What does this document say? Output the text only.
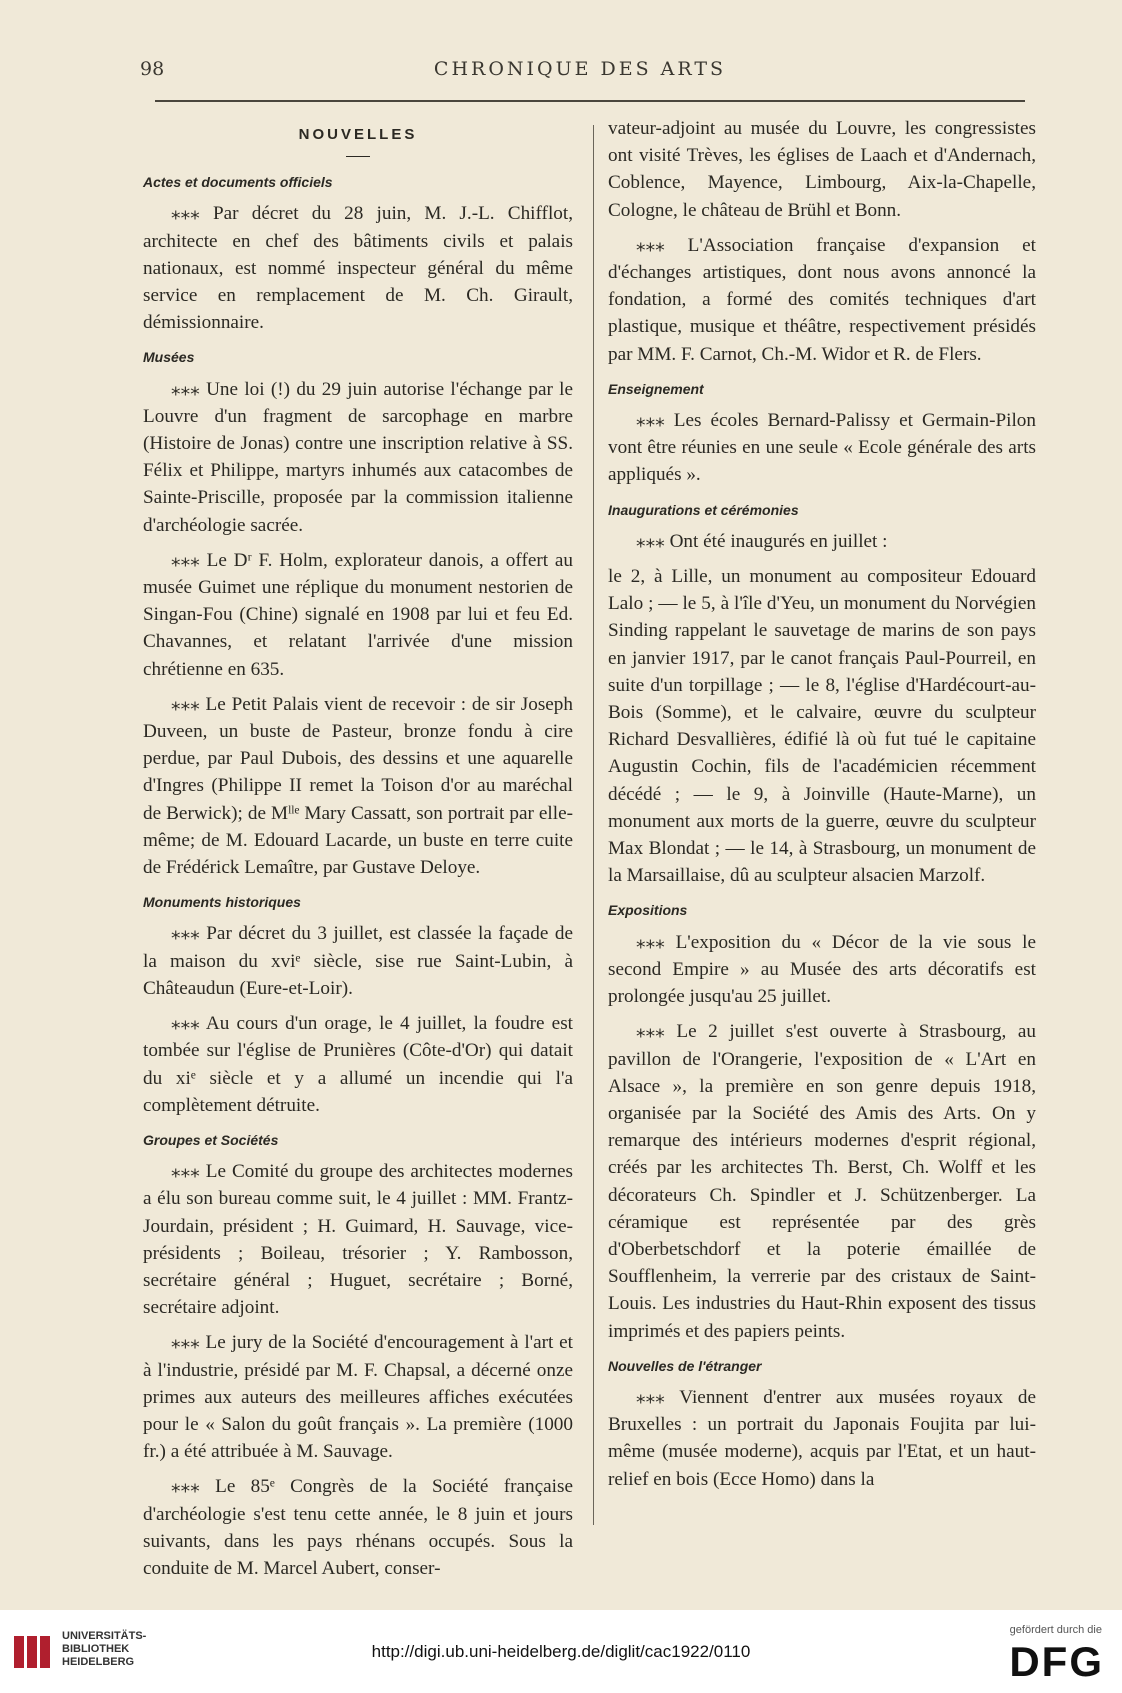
98	CHRONIQUE DES ARTS
NOUVELLES
Actes et documents officiels

⁎⁎⁎ Par décret du 28 juin, M. J.-L. Chifflot, architecte en chef des bâtiments civils et palais nationaux, est nommé inspecteur général du même service en remplacement de M. Ch. Girault, démissionnaire.

Musées

⁎⁎⁎ Une loi (!) du 29 juin autorise l'échange par le Louvre d'un fragment de sarcophage en marbre (Histoire de Jonas) contre une inscription relative à SS. Félix et Philippe, martyrs inhumés aux catacombes de Sainte-Priscille, proposée par la commission italienne d'archéologie sacrée.

⁎⁎⁎ Le Dʳ F. Holm, explorateur danois, a offert au musée Guimet une réplique du monument nestorien de Singan-Fou (Chine) signalé en 1908 par lui et feu Ed. Chavannes, et relatant l'arrivée d'une mission chrétienne en 635.

⁎⁎⁎ Le Petit Palais vient de recevoir : de sir Joseph Duveen, un buste de Pasteur, bronze fondu à cire perdue, par Paul Dubois, des dessins et une aquarelle d'Ingres (Philippe II remet la Toison d'or au maréchal de Berwick); de Mˡˡᵉ Mary Cassatt, son portrait par elle-même; de M. Edouard Lacarde, un buste en terre cuite de Frédérick Lemaître, par Gustave Deloye.

Monuments historiques

⁎⁎⁎ Par décret du 3 juillet, est classée la façade de la maison du xviᵉ siècle, sise rue Saint-Lubin, à Châteaudun (Eure-et-Loir).

⁎⁎⁎ Au cours d'un orage, le 4 juillet, la foudre est tombée sur l'église de Prunières (Côte-d'Or) qui datait du xiᵉ siècle et y a allumé un incendie qui l'a complètement détruite.

Groupes et Sociétés

⁎⁎⁎ Le Comité du groupe des architectes modernes a élu son bureau comme suit, le 4 juillet : MM. Frantz-Jourdain, président ; H. Guimard, H. Sauvage, vice-présidents ; Boileau, trésorier ; Y. Rambosson, secrétaire général ; Huguet, secrétaire ; Borné, secrétaire adjoint.

⁎⁎⁎ Le jury de la Société d'encouragement à l'art et à l'industrie, présidé par M. F. Chapsal, a décerné onze primes aux auteurs des meilleures affiches exécutées pour le « Salon du goût français ». La première (1000 fr.) a été attribuée à M. Sauvage.

⁎⁎⁎ Le 85ᵉ Congrès de la Société française d'archéologie s'est tenu cette année, le 8 juin et jours suivants, dans les pays rhénans occupés. Sous la conduite de M. Marcel Aubert, conser-

vateur-adjoint au musée du Louvre, les congressistes ont visité Trèves, les églises de Laach et d'Andernach, Coblence, Mayence, Limbourg, Aix-la-Chapelle, Cologne, le château de Brühl et Bonn.

⁎⁎⁎ L'Association française d'expansion et d'échanges artistiques, dont nous avons annoncé la fondation, a formé des comités techniques d'art plastique, musique et théâtre, respectivement présidés par MM. F. Carnot, Ch.-M. Widor et R. de Flers.

Enseignement

⁎⁎⁎ Les écoles Bernard-Palissy et Germain-Pilon vont être réunies en une seule « Ecole générale des arts appliqués ».

Inaugurations et cérémonies

⁎⁎⁎ Ont été inaugurés en juillet :

le 2, à Lille, un monument au compositeur Edouard Lalo ; — le 5, à l'île d'Yeu, un monument du Norvégien Sinding rappelant le sauvetage de marins de son pays en janvier 1917, par le canot français Paul-Pourreil, en suite d'un torpillage ; — le 8, l'église d'Hardécourt-au-Bois (Somme), et le calvaire, œuvre du sculpteur Richard Desvallières, édifié là où fut tué le capitaine Augustin Cochin, fils de l'académicien récemment décédé ; — le 9, à Joinville (Haute-Marne), un monument aux morts de la guerre, œuvre du sculpteur Max Blondat ; — le 14, à Strasbourg, un monument de la Marsaillaise, dû au sculpteur alsacien Marzolf.

Expositions

⁎⁎⁎ L'exposition du « Décor de la vie sous le second Empire » au Musée des arts décoratifs est prolongée jusqu'au 25 juillet.

⁎⁎⁎ Le 2 juillet s'est ouverte à Strasbourg, au pavillon de l'Orangerie, l'exposition de « L'Art en Alsace », la première en son genre depuis 1918, organisée par la Société des Amis des Arts. On y remarque des intérieurs modernes d'esprit régional, créés par les architectes Th. Berst, Ch. Wolff et les décorateurs Ch. Spindler et J. Schützenberger. La céramique est représentée par des grès d'Oberbetschdorf et la poterie émaillée de Soufflenheim, la verrerie par des cristaux de Saint-Louis. Les industries du Haut-Rhin exposent des tissus imprimés et des papiers peints.

Nouvelles de l'étranger

⁎⁎⁎ Viennent d'entrer aux musées royaux de Bruxelles : un portrait du Japonais Foujita par lui-même (musée moderne), acquis par l'Etat, et un haut-relief en bois (Ecce Homo) dans la

UNIVERSITÄTS-
BIBLIOTHEK
HEIDELBERG
http://digi.ub.uni-heidelberg.de/diglit/cac1922/0110
gefördert durch die
DFG
